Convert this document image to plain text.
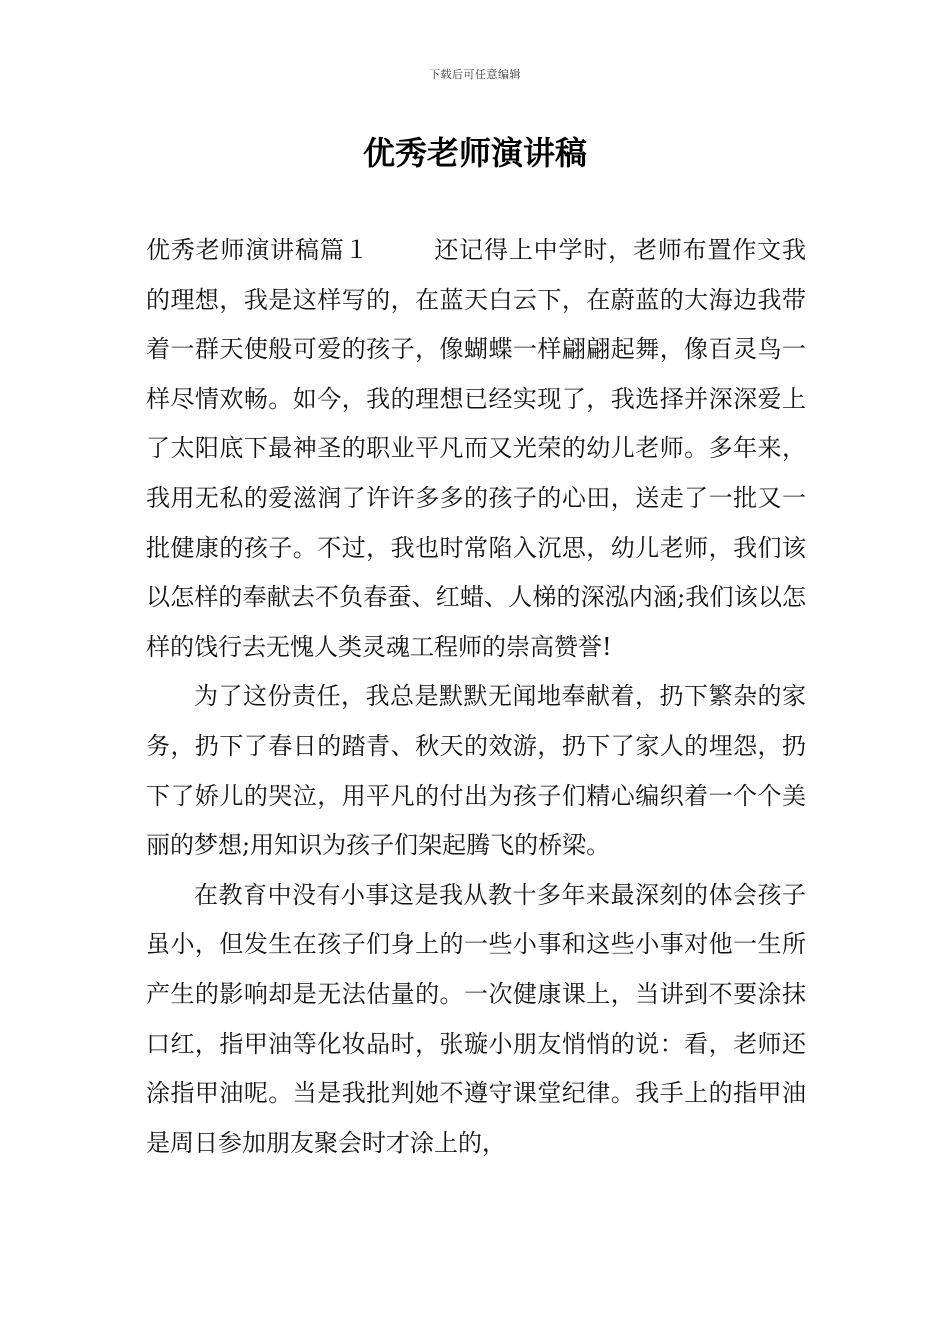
下载后可任意编辑
优秀老师演讲稿

优秀老师演讲稿篇１	还记得上中学时，老师布置作文我的理想，我是这样写的，在蓝天白云下，在蔚蓝的大海边我带着一群天使般可爱的孩子，像蝴蝶一样翩翩起舞，像百灵鸟一样尽情欢畅。如今，我的理想已经实现了，我选择并深深爱上了太阳底下最神圣的职业平凡而又光荣的幼儿老师。多年来，我用无私的爱滋润了许许多多的孩子的心田，送走了一批又一批健康的孩子。不过，我也时常陷入沉思，幼儿老师，我们该以怎样的奉献去不负春蚕、红蜡、人梯的深泓内涵;我们该以怎样的饯行去无愧人类灵魂工程师的崇高赞誉!

为了这份责任，我总是默默无闻地奉献着，扔下繁杂的家务，扔下了春日的踏青、秋天的效游，扔下了家人的埋怨，扔下了娇儿的哭泣，用平凡的付出为孩子们精心编织着一个个美丽的梦想;用知识为孩子们架起腾飞的桥梁。

在教育中没有小事这是我从教十多年来最深刻的体会孩子虽小，但发生在孩子们身上的一些小事和这些小事对他一生所产生的影响却是无法估量的。一次健康课上，当讲到不要涂抹口红，指甲油等化妆品时，张璇小朋友悄悄的说：看，老师还涂指甲油呢。当是我批判她不遵守课堂纪律。我手上的指甲油是周日参加朋友聚会时才涂上的，
